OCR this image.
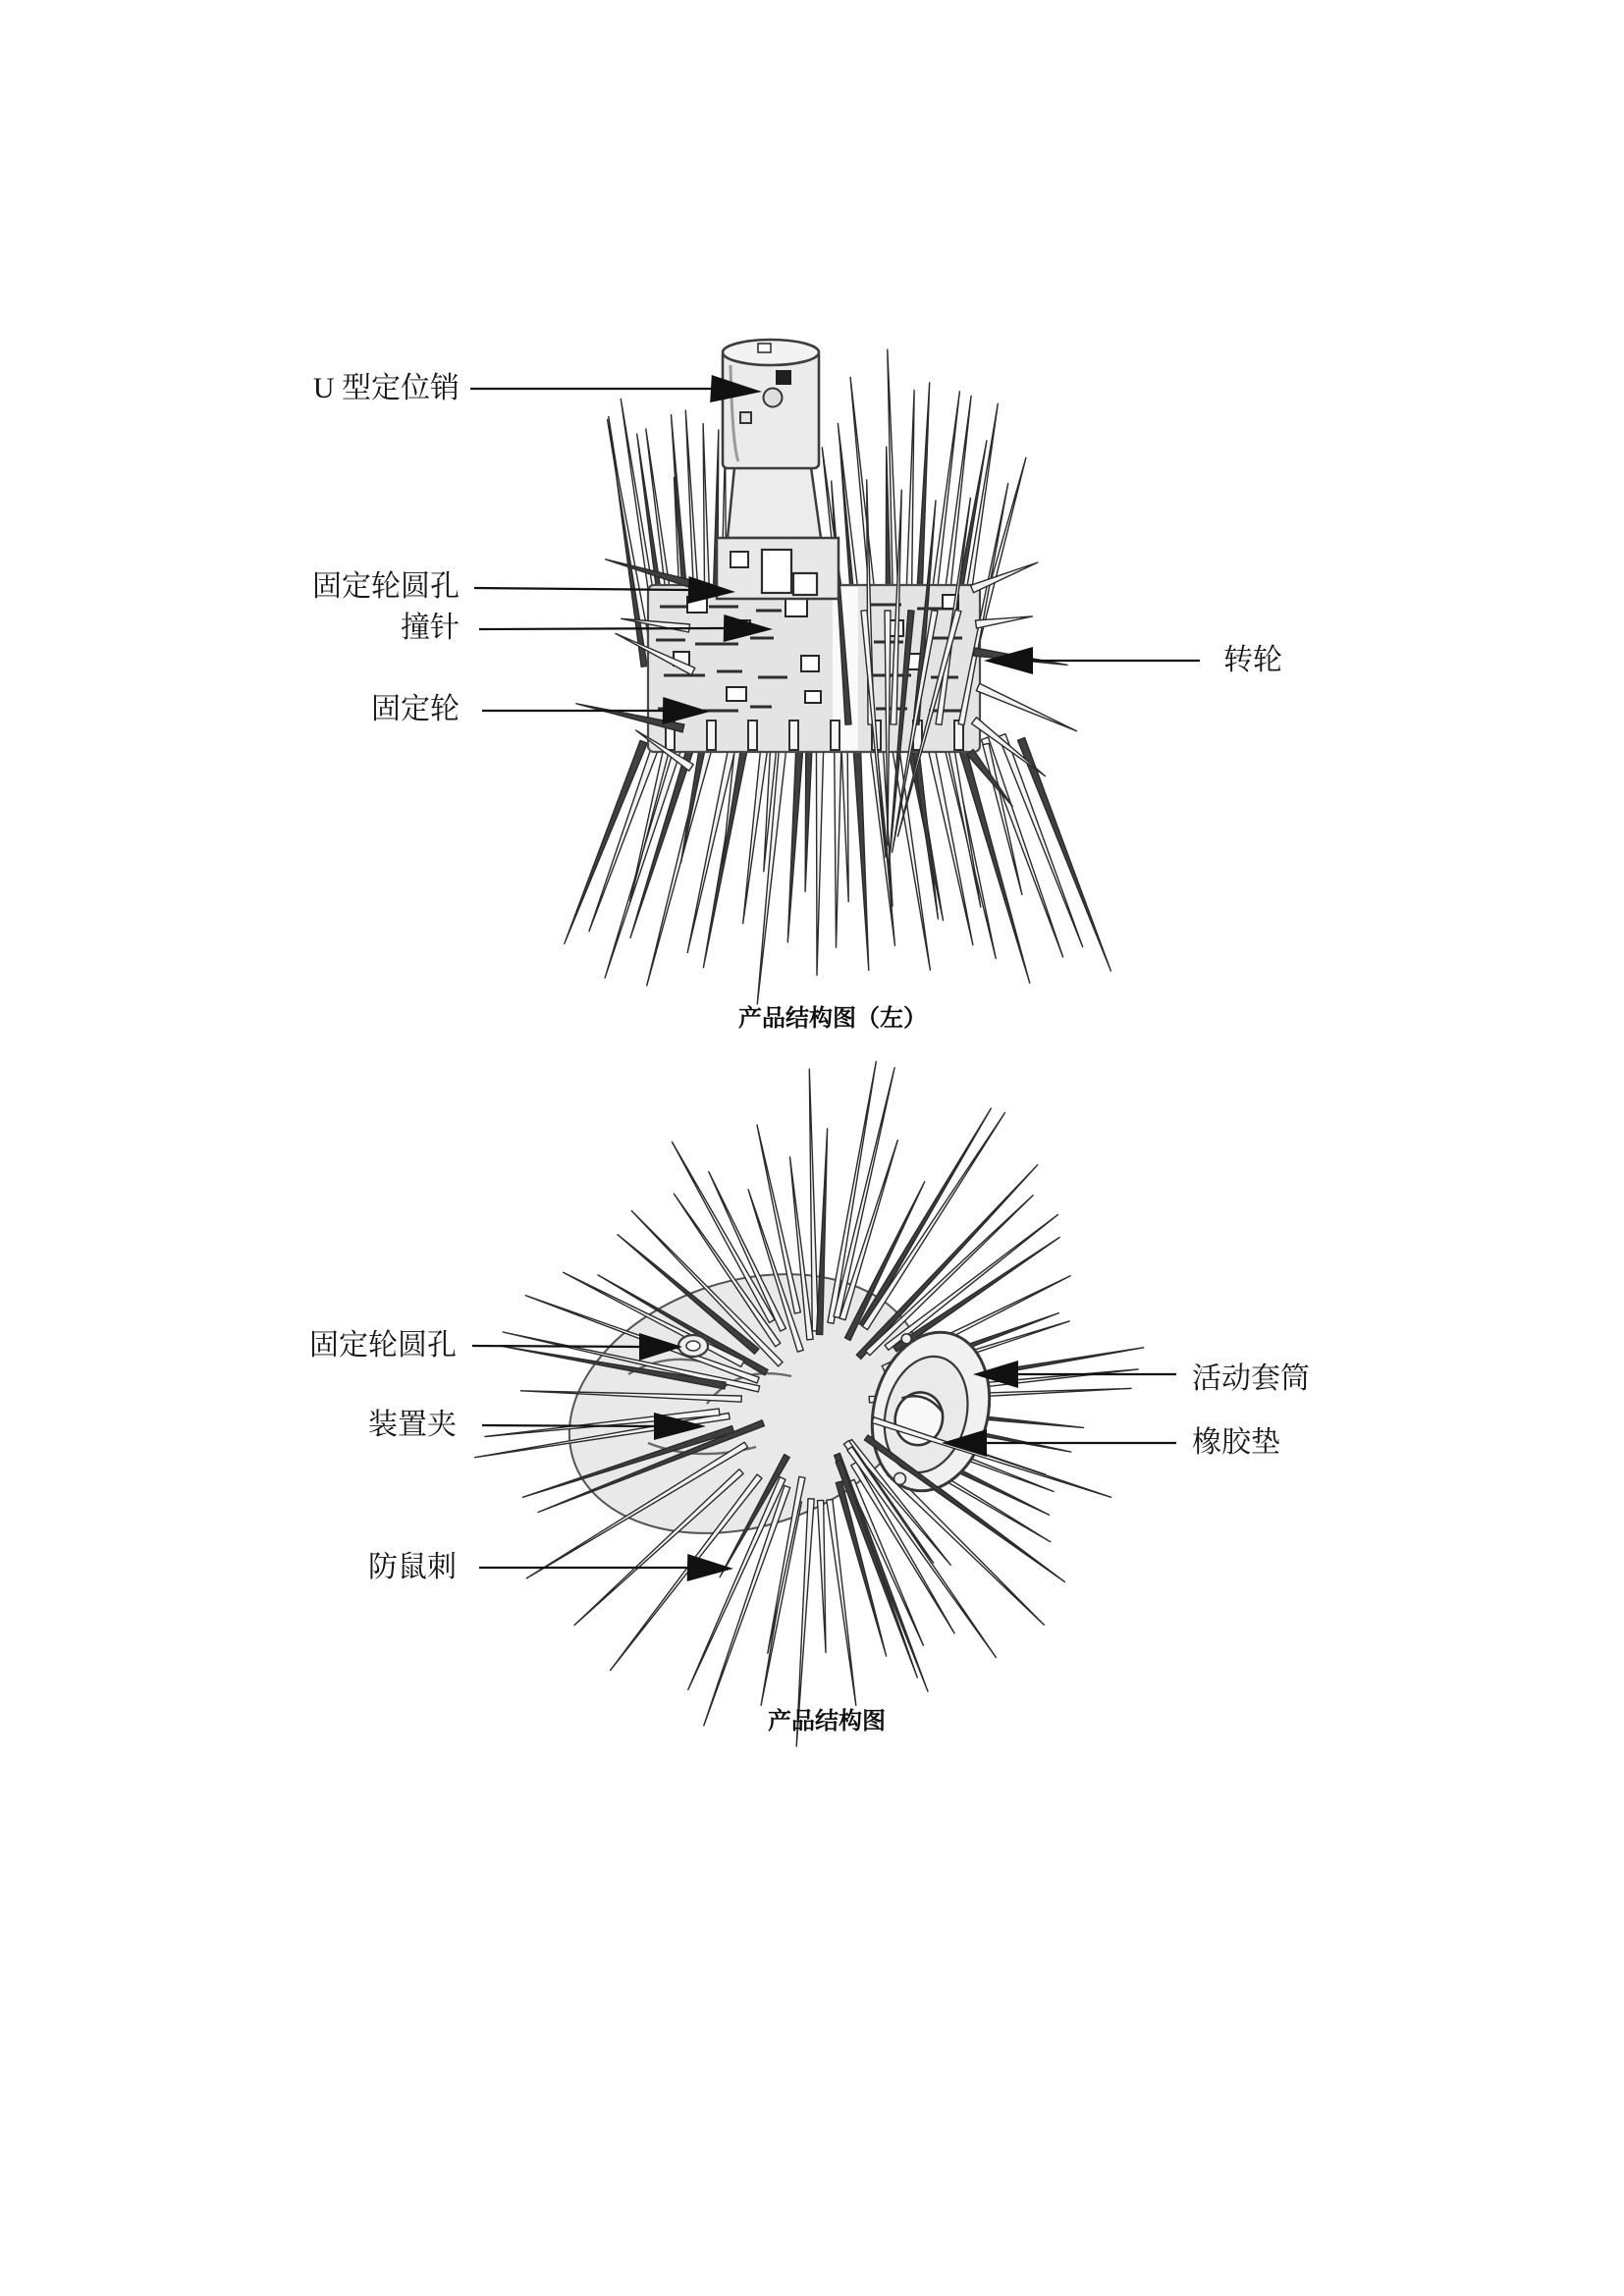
U 型定位销
固定轮圆孔
撞针
固定轮
转轮
产品结构图（左）
固定轮圆孔
装置夹
防鼠刺
活动套筒
橡胶垫
产品结构图
